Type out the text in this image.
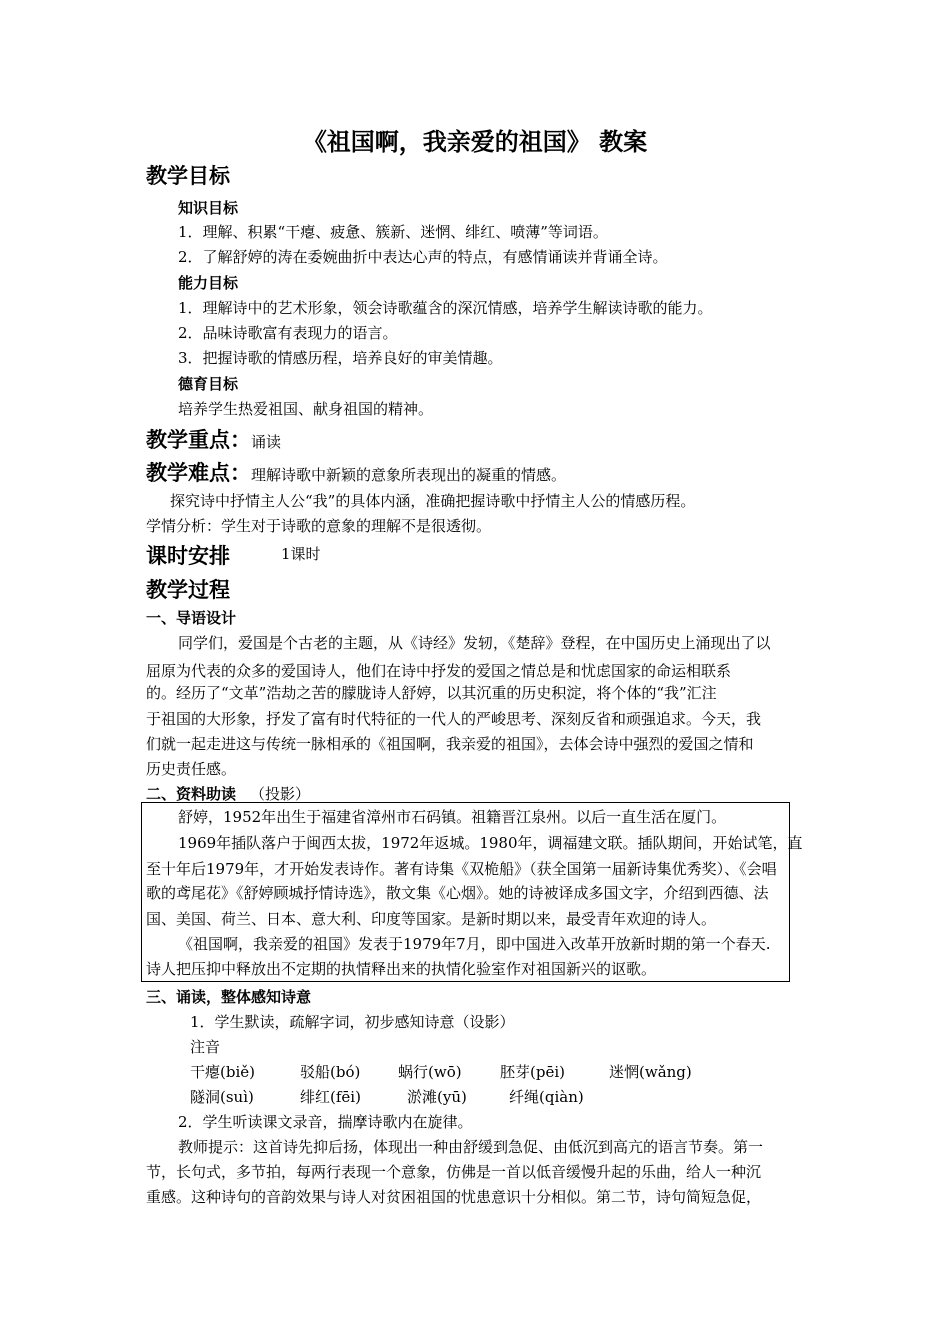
《祖国啊，我亲爱的祖国》 教案
教学目标
知识目标
1．理解、积累“干瘪、疲惫、簇新、迷惘、绯红、喷薄”等词语。
2．了解舒婷的涛在委婉曲折中表达心声的特点，有感情诵读并背诵全诗。
能力目标
1．理解诗中的艺术形象，领会诗歌蕴含的深沉情感，培养学生解读诗歌的能力。
2．品味诗歌富有表现力的语言。
3．把握诗歌的情感历程，培养良好的审美情趣。
德育目标
培养学生热爱祖国、献身祖国的精神。
教学重点：诵读
教学难点：理解诗歌中新颖的意象所表现出的凝重的情感。
探究诗中抒情主人公“我”的具体内涵，准确把握诗歌中抒情主人公的情感历程。
学情分析：学生对于诗歌的意象的理解不是很透彻。
课时安排	1课时
教学过程
一、导语设计
同学们，爱国是个古老的主题，从《诗经》发轫，《楚辞》登程，在中国历史上涌现出了以
屈原为代表的众多的爱国诗人，他们在诗中抒发的爱国之情总是和忧虑国家的命运相联系
的。经历了“文革”浩劫之苦的朦胧诗人舒婷，以其沉重的历史积淀，将个体的“我”汇注
于祖国的大形象，抒发了富有时代特征的一代人的严峻思考、深刻反省和顽强追求。今天，我
们就一起走进这与传统一脉相承的《祖国啊，我亲爱的祖国》，去体会诗中强烈的爱国之情和
历史责任感。
二、资料助读 （投影）
舒婷，1952年出生于福建省漳州市石码镇。祖籍晋江泉州。以后一直生活在厦门。
1969年插队落户于闽西太拔，1972年返城。1980年，调福建文联。插队期间，开始试笔，直
至十年后1979年，才开始发表诗作。著有诗集《双桅船》（获全国第一届新诗集优秀奖）、《会唱
歌的鸢尾花》《舒婷顾城抒情诗选》，散文集《心烟》。她的诗被译成多国文字，介绍到西德、法
国、美国、荷兰、日本、意大利、印度等国家。是新时期以来，最受青年欢迎的诗人。
《祖国啊，我亲爱的祖国》发表于1979年7月，即中国进入改革开放新时期的第一个春天.
诗人把压抑中释放出不定期的执情释出来的执情化验室作对祖国新兴的讴歌。
三、诵读，整体感知诗意
1．学生默读，疏解字词，初步感知诗意（设影）
注音
干瘪(biě)	驳船(bó)	蜗行(wō)	胚芽(pēi)	迷惘(wǎng)
隧洞(suì)	绯红(fēi)	淤滩(yū)	纤绳(qiàn)
2．学生听读课文录音，揣摩诗歌内在旋律。
教师提示：这首诗先抑后扬，体现出一种由舒缓到急促、由低沉到高亢的语言节奏。第一
节，长句式，多节拍，每两行表现一个意象，仿佛是一首以低音缓慢升起的乐曲，给人一种沉
重感。这种诗句的音韵效果与诗人对贫困祖国的忧患意识十分相似。第二节，诗句简短急促，
